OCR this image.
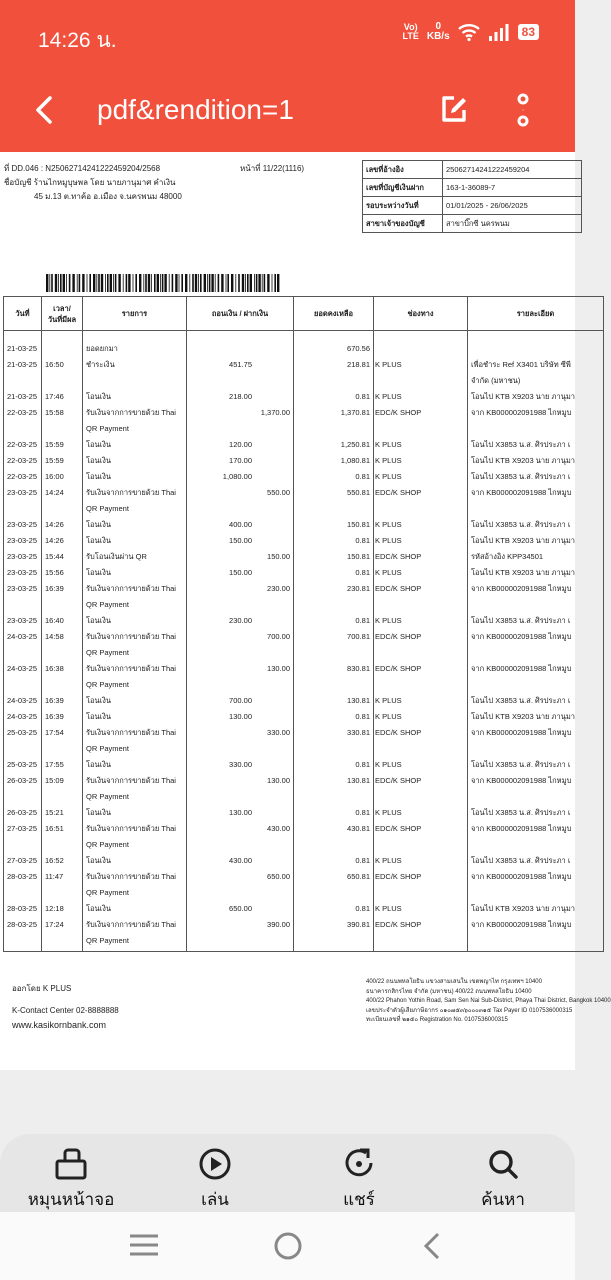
14:26 น.
Vo)
LTE
0
KB/s	83
pdf&rendition=1
ที่ DD.046 : N2506271424122245920​4/2568
ชื่อบัญชี ร้านไกหมูบุษพล โดย นายภานุมาศ คำเงิน
45 ม.13 ต.ทาค้อ อ.เมือง จ.นครพนม 48000
หน้าที่ 11/22(1116)	เลขที่อ้างอิง	250627142412224​59204
เลขที่บัญชีเงินฝาก	163-1-36089-7
รอบระหว่างวันที่	01/01/2025 - 26/06/2025
สาขาเจ้าของบัญชี	สาขาบิ๊กซี นครพนม
วันที่	เวลา/
วันที่มีผล	รายการ	ถอนเงิน / ฝากเงิน	ยอดคงเหลือ	ช่องทาง	รายละเอียด

21-03-25		ยอดยกมา		670.56		

21-03-25	16:50	ชำระเงิน	451.75	218.81	K PLUS	เพื่อชำระ Ref X3401 บริษัท ซีพี
จำกัด (มหาชน)

21-03-25	17:46	โอนเงิน	218.00	0.81	K PLUS	โอนไป KTB X9203 นาย ภานุมา

22-03-25	15:58	รับเงินจากการขายด้วย Thai
QR Payment	1,370.00	1,370.81	EDC/K SHOP	จาก KB000002091988 ไกหมูบ

22-03-25	15:59	โอนเงิน	120.00	1,250.81	K PLUS	โอนไป X3853 น.ส. ศิรประภา เ

22-03-25	15:59	โอนเงิน	170.00	1,080.81	K PLUS	โอนไป KTB X9203 นาย ภานุมา

22-03-25	16:00	โอนเงิน	1,080.00	0.81	K PLUS	โอนไป X3853 น.ส. ศิรประภา เ

23-03-25	14:24	รับเงินจากการขายด้วย Thai
QR Payment	550.00	550.81	EDC/K SHOP	จาก KB000002091988 ไกหมูบ

23-03-25	14:26	โอนเงิน	400.00	150.81	K PLUS	โอนไป X3853 น.ส. ศิรประภา เ

23-03-25	14:26	โอนเงิน	150.00	0.81	K PLUS	โอนไป KTB X9203 นาย ภานุมา

23-03-25	15:44	รับโอนเงินผ่าน QR	150.00	150.81	EDC/K SHOP	รหัสอ้างอิง KPP34501

23-03-25	15:56	โอนเงิน	150.00	0.81	K PLUS	โอนไป KTB X9203 นาย ภานุมา

23-03-25	16:39	รับเงินจากการขายด้วย Thai
QR Payment	230.00	230.81	EDC/K SHOP	จาก KB000002091988 ไกหมูบ

23-03-25	16:40	โอนเงิน	230.00	0.81	K PLUS	โอนไป X3853 น.ส. ศิรประภา เ

24-03-25	14:58	รับเงินจากการขายด้วย Thai
QR Payment	700.00	700.81	EDC/K SHOP	จาก KB000002091988 ไกหมูบ

24-03-25	16:38	รับเงินจากการขายด้วย Thai
QR Payment	130.00	830.81	EDC/K SHOP	จาก KB000002091988 ไกหมูบ

24-03-25	16:39	โอนเงิน	700.00	130.81	K PLUS	โอนไป X3853 น.ส. ศิรประภา เ

24-03-25	16:39	โอนเงิน	130.00	0.81	K PLUS	โอนไป KTB X9203 นาย ภานุมา

25-03-25	17:54	รับเงินจากการขายด้วย Thai
QR Payment	330.00	330.81	EDC/K SHOP	จาก KB000002091988 ไกหมูบ

25-03-25	17:55	โอนเงิน	330.00	0.81	K PLUS	โอนไป X3853 น.ส. ศิรประภา เ

26-03-25	15:09	รับเงินจากการขายด้วย Thai
QR Payment	130.00	130.81	EDC/K SHOP	จาก KB000002091988 ไกหมูบ

26-03-25	15:21	โอนเงิน	130.00	0.81	K PLUS	โอนไป X3853 น.ส. ศิรประภา เ

27-03-25	16:51	รับเงินจากการขายด้วย Thai
QR Payment	430.00	430.81	EDC/K SHOP	จาก KB000002091988 ไกหมูบ

27-03-25	16:52	โอนเงิน	430.00	0.81	K PLUS	โอนไป X3853 น.ส. ศิรประภา เ

28-03-25	11:47	รับเงินจากการขายด้วย Thai
QR Payment	650.00	650.81	EDC/K SHOP	จาก KB000002091988 ไกหมูบ

28-03-25	12:18	โอนเงิน	650.00	0.81	K PLUS	โอนไป KTB X9203 นาย ภานุมา

28-03-25	17:24	รับเงินจากการขายด้วย Thai
QR Payment	390.00	390.81	EDC/K SHOP	จาก KB000002091988 ไกหมูบ

ออกโดย K PLUS
K-Contact Center 02-8888888
www.kasikornbank.com
400/22 ถนนพหลโยธิน แขวงสามเสนใน เขตพญาไท กรุงเทพฯ 10400
ธนาคารกสิกรไทย จำกัด (มหาชน) 400/22 ถนนพหลโยธิน 10400
400/22 Phahon Yothin Road, Sam Sen Nai Sub-District, Phaya Thai District, Bangkok 10400
เลขประจำตัวผู้เสียภาษีอากร ๐๑๐๗๕๓๖๐๐๐๓๑๕ Tax Payer ID 0107536000315
ทะเบียนเลขที่ ๒๑๕๐ Registration No. 0107536000315
หมุนหน้าจอ	เล่น	แชร์	ค้นหา
